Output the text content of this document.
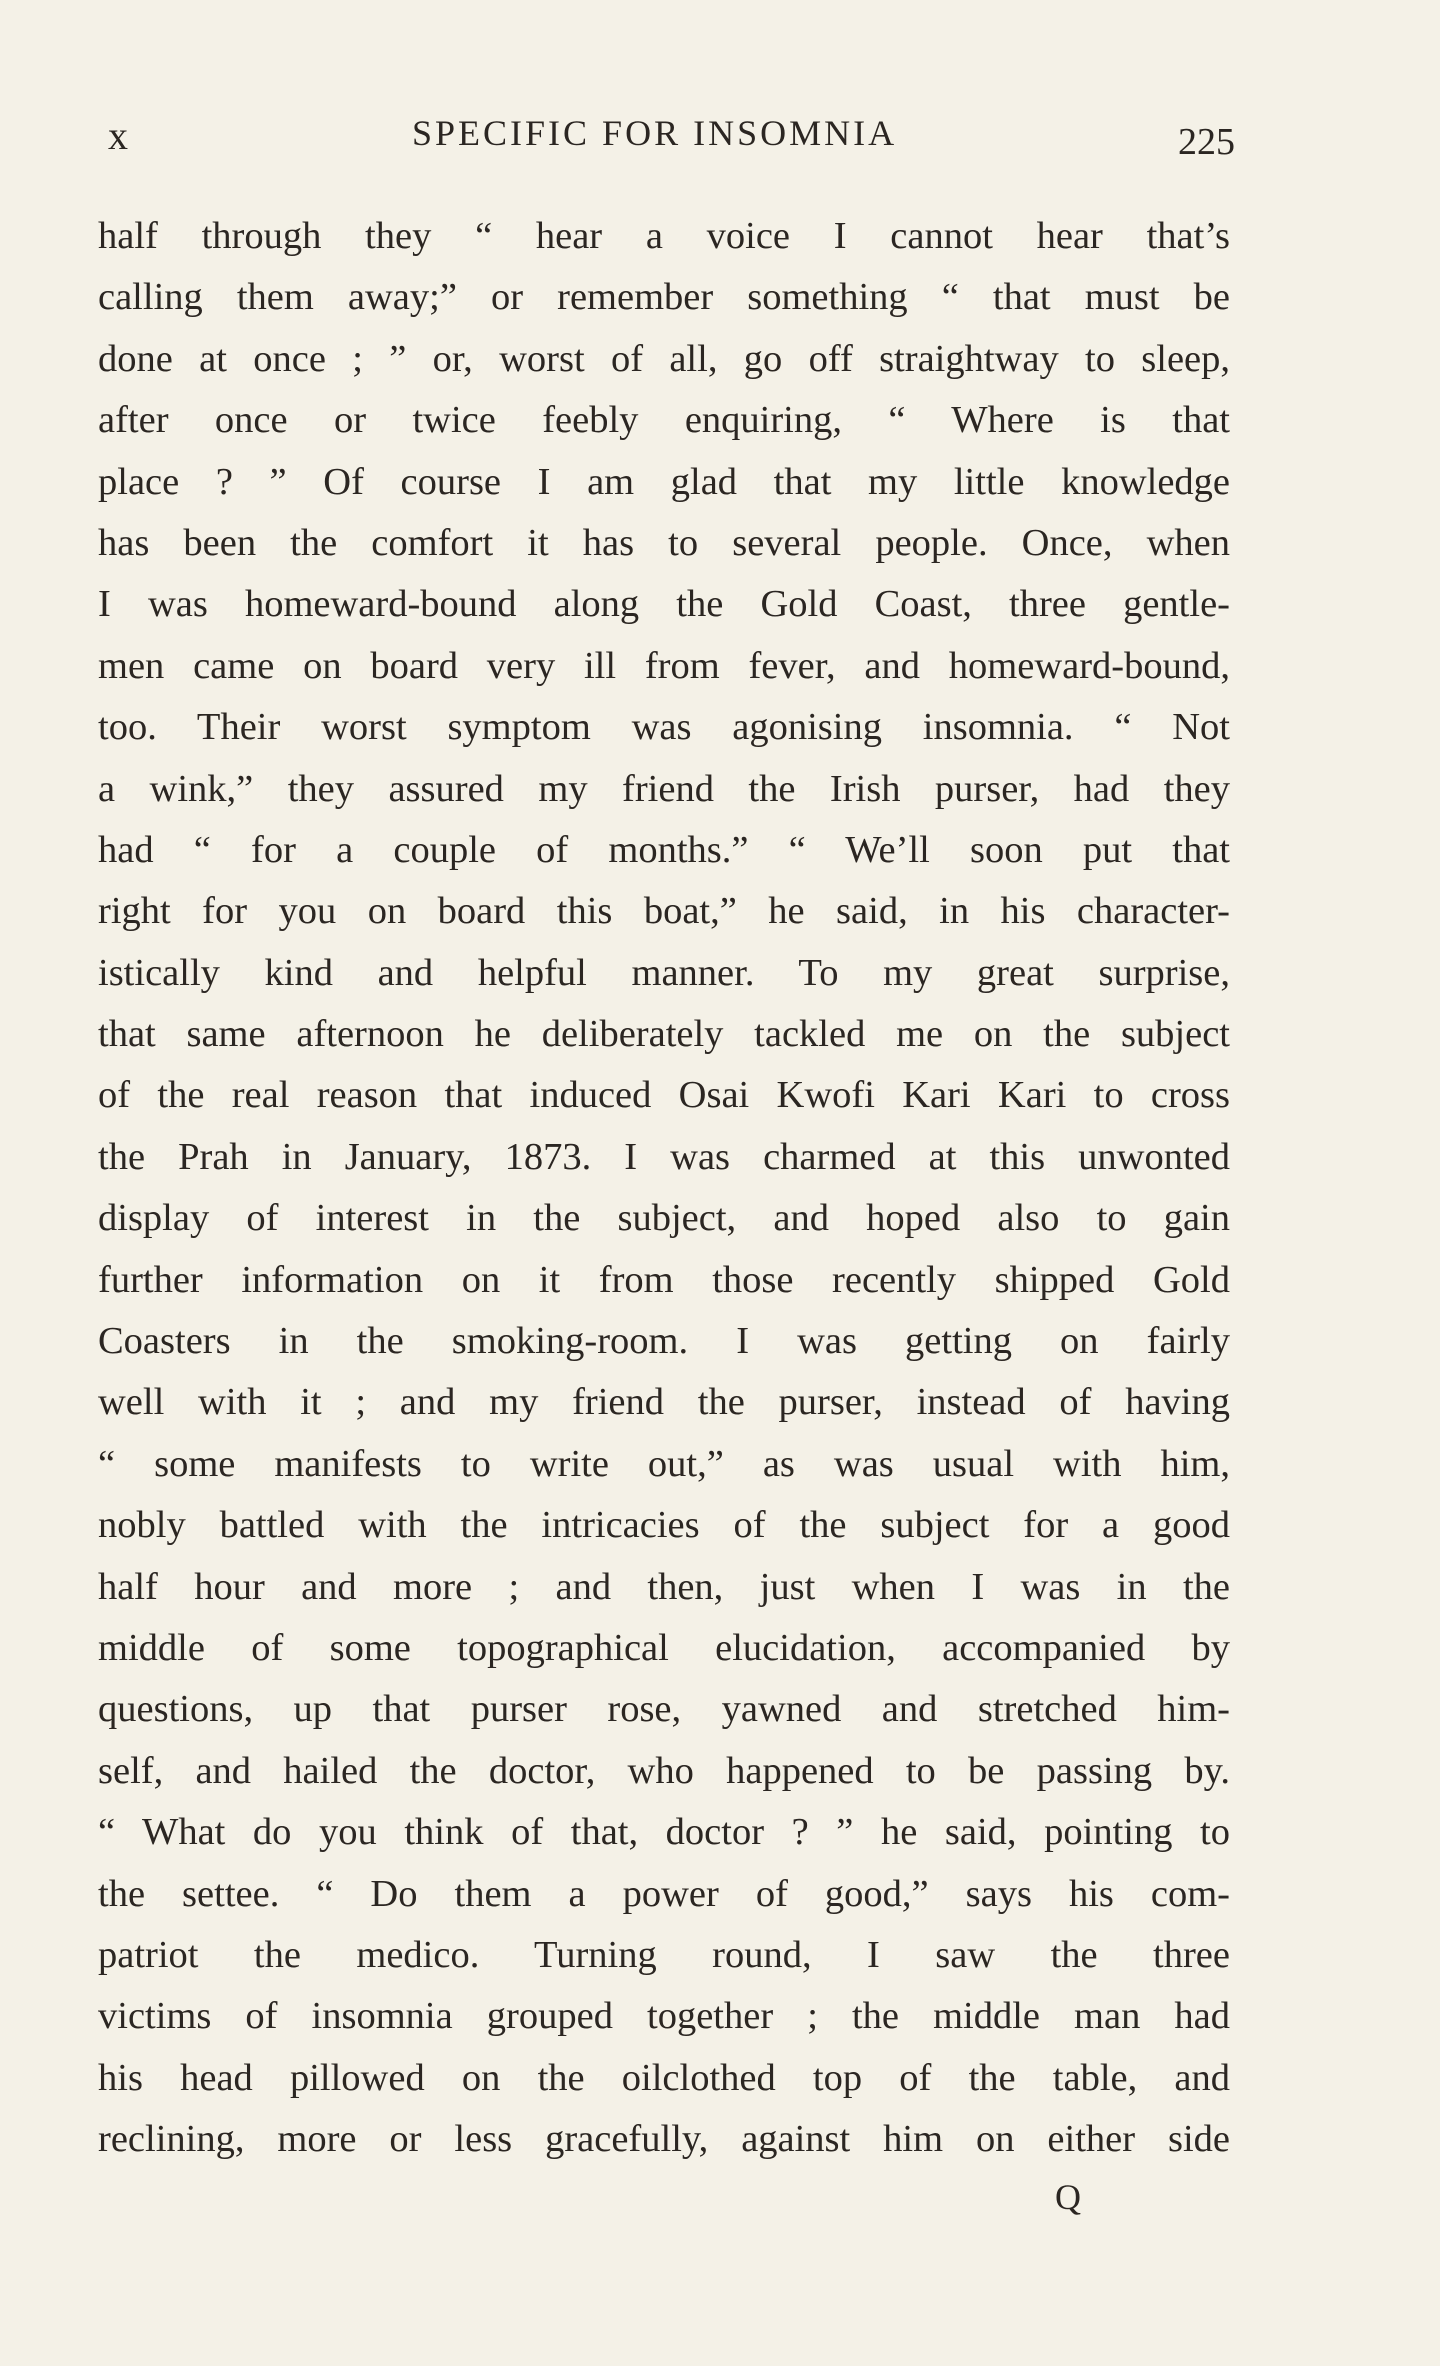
x	SPECIFIC FOR INSOMNIA	225
half through they “ hear a voice I cannot hear that’s
calling them away;” or remember something “ that must be
done at once ; ” or, worst of all, go off straightway to sleep,
after once or twice feebly enquiring, “ Where is that
place ? ” Of course I am glad that my little knowledge
has been the comfort it has to several people. Once, when
I was homeward-bound along the Gold Coast, three gentle-
men came on board very ill from fever, and homeward-bound,
too. Their worst symptom was agonising insomnia. “ Not
a wink,” they assured my friend the Irish purser, had they
had “ for a couple of months.” “ We’ll soon put that
right for you on board this boat,” he said, in his character-
istically kind and helpful manner. To my great surprise,
that same afternoon he deliberately tackled me on the subject
of the real reason that induced Osai Kwofi Kari Kari to cross
the Prah in January, 1873. I was charmed at this unwonted
display of interest in the subject, and hoped also to gain
further information on it from those recently shipped Gold
Coasters in the smoking-room. I was getting on fairly
well with it ; and my friend the purser, instead of having
“ some manifests to write out,” as was usual with him,
nobly battled with the intricacies of the subject for a good
half hour and more ; and then, just when I was in the
middle of some topographical elucidation, accompanied by
questions, up that purser rose, yawned and stretched him-
self, and hailed the doctor, who happened to be passing by.
“ What do you think of that, doctor ? ” he said, pointing to
the settee. “ Do them a power of good,” says his com-
patriot the medico. Turning round, I saw the three
victims of insomnia grouped together ; the middle man had
his head pillowed on the oilclothed top of the table, and
reclining, more or less gracefully, against him on either side
Q
